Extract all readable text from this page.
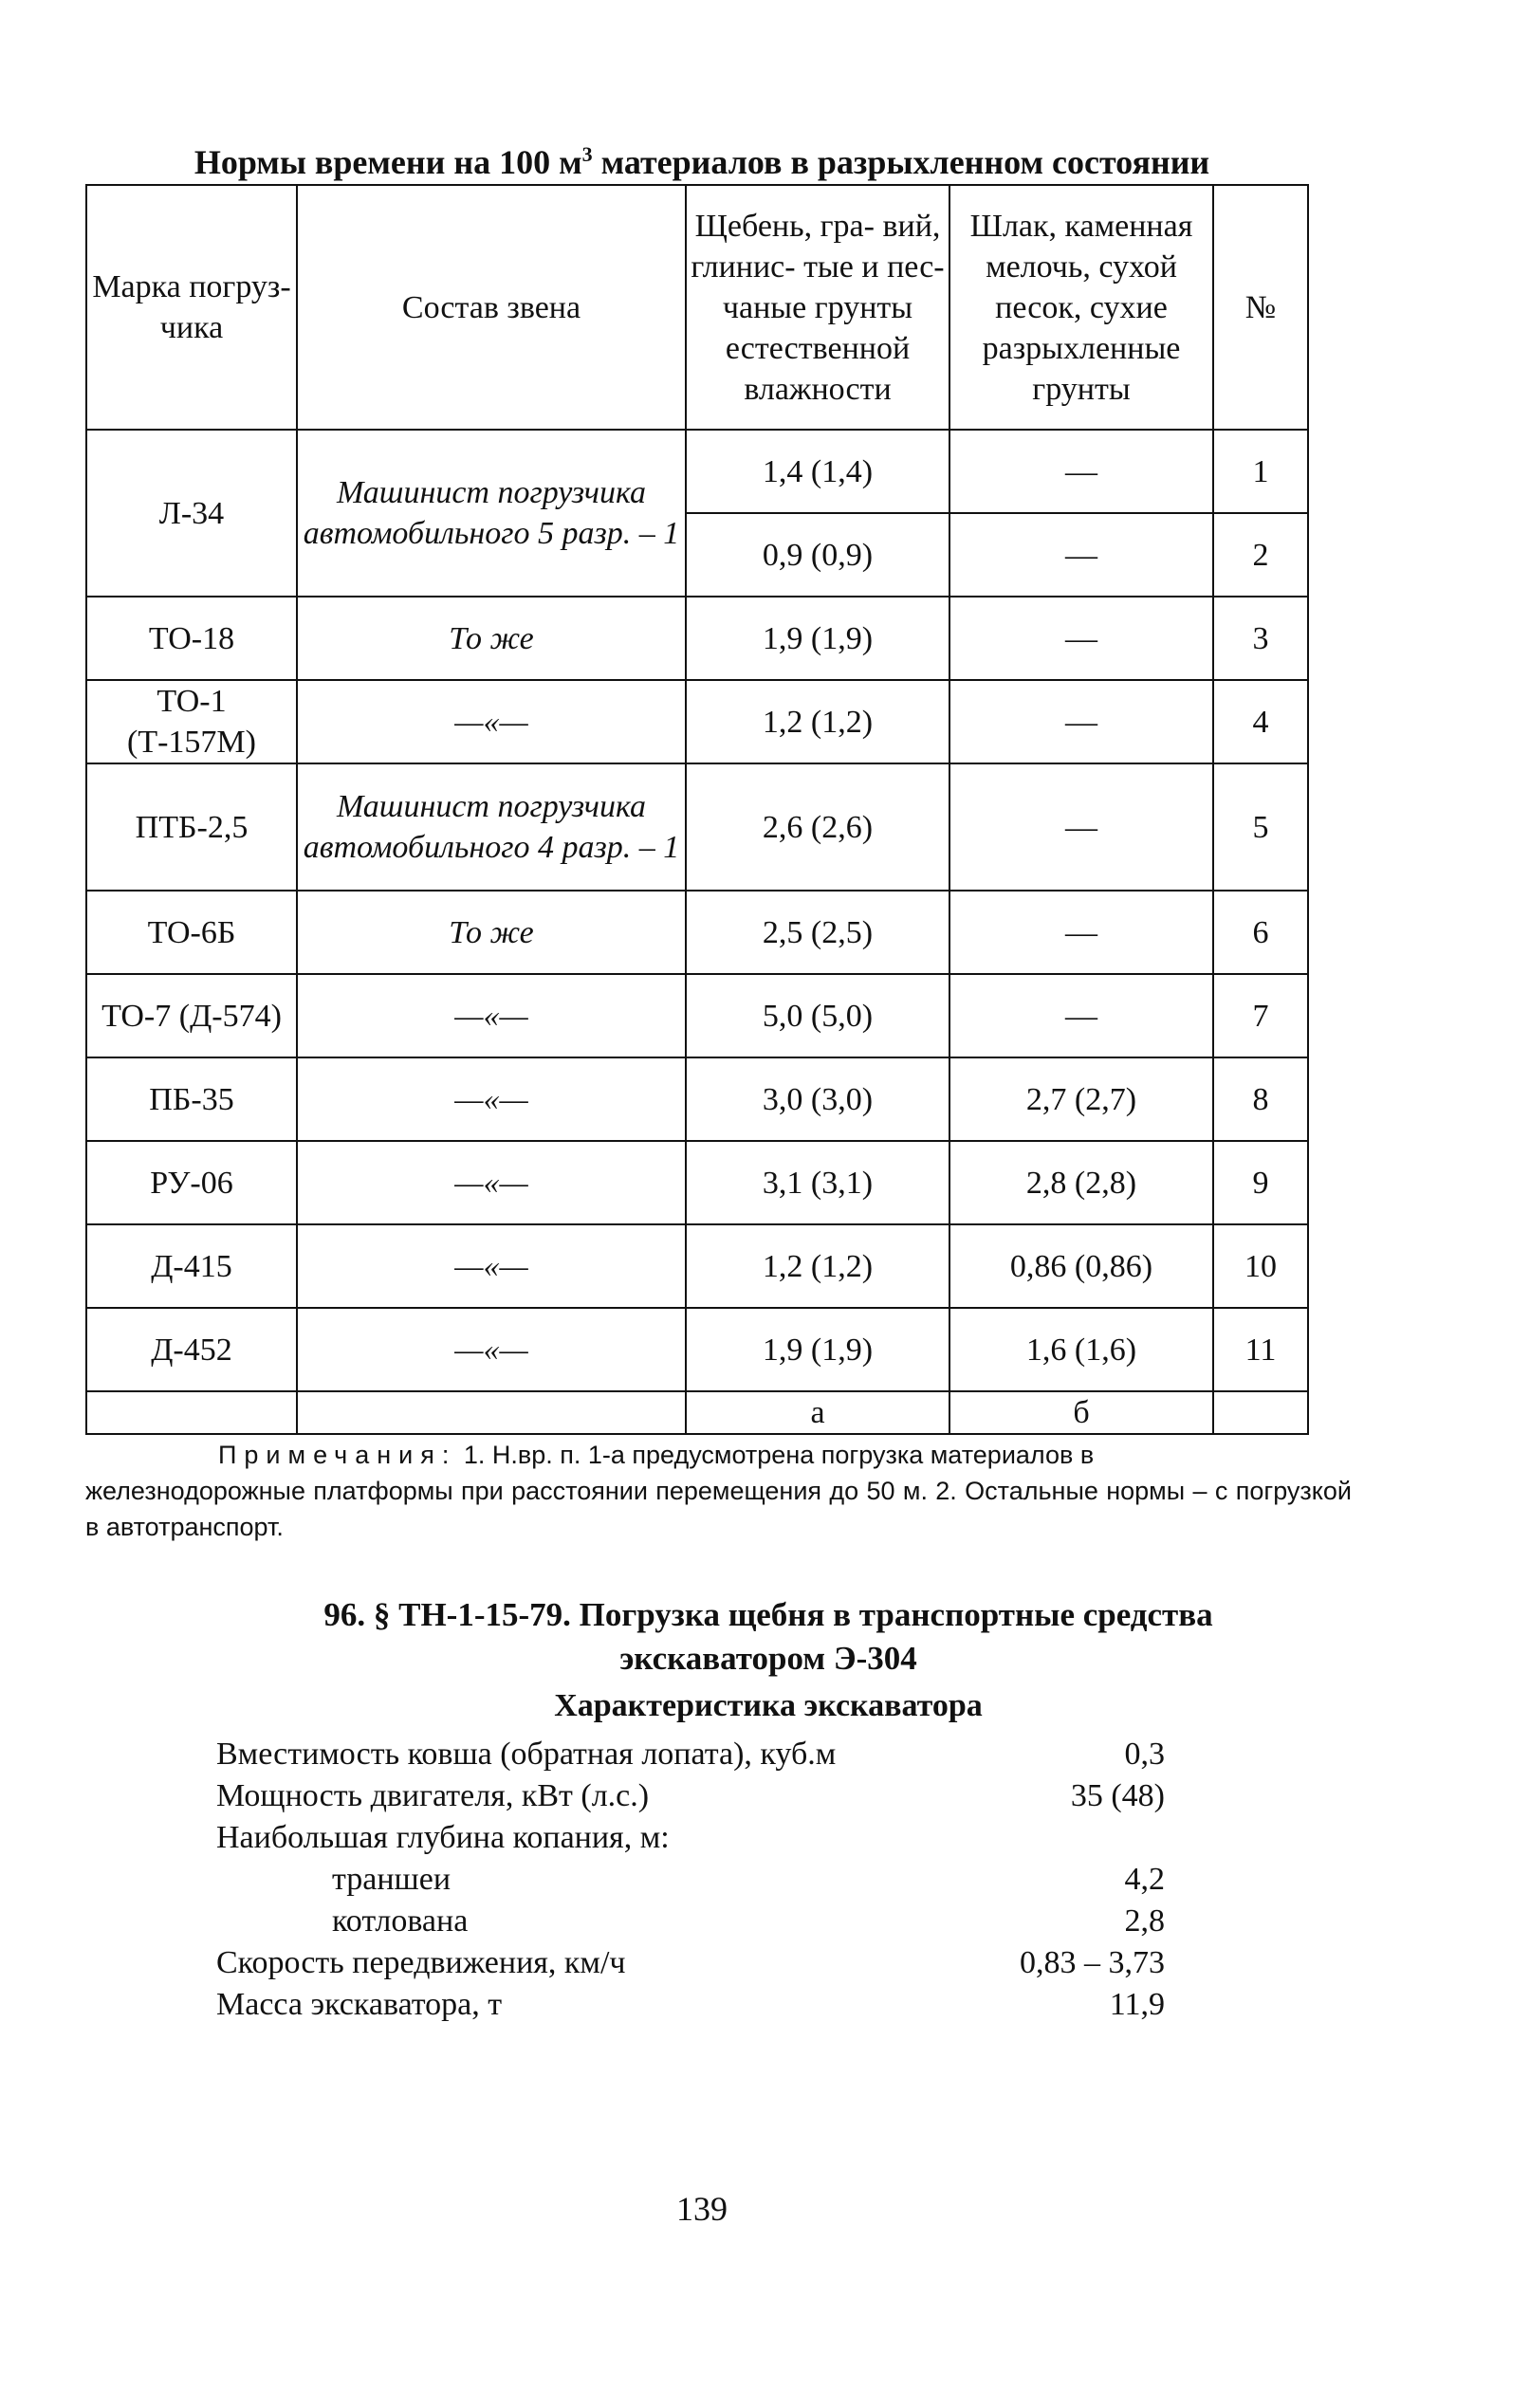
Нормы времени на 100 $м^3$ материалов в разрыхленном состоянии
Марка погруз- чика	Состав звена	Щебень, гра- вий, глинис- тые и пес- чаные грунты естественной влажности	Шлак, каменная мелочь, сухой песок, сухие разрыхленные грунты	№
Л-34	Машинист погрузчика автомобильного 5 разр. – 1	1,4 (1,4)	—	1
		0,9 (0,9)	—	2
ТО-18	То же	1,9 (1,9)	—	3
ТО-1 (Т-157М)	—«—	1,2 (1,2)	—	4
ПТБ-2,5	Машинист погрузчика автомобильного 4 разр. – 1	2,6 (2,6)	—	5
ТО-6Б	То же	2,5 (2,5)	—	6
ТО-7 (Д-574)	—«—	5,0 (5,0)	—	7
ПБ-35	—«—	3,0 (3,0)	2,7 (2,7)	8
РУ-06	—«—	3,1 (3,1)	2,8 (2,8)	9
Д-415	—«—	1,2 (1,2)	0,86 (0,86)	10
Д-452	—«—	1,9 (1,9)	1,6 (1,6)	11
		а	б	
Примечания: 1. Н.вр. п. 1-а предусмотрена погрузка материалов в
железнодорожные платформы при расстоянии перемещения до 50 м. 2. Остальные нормы – с погрузкой в автотранспорт.
96. § ТН-1-15-79. Погрузка щебня в транспортные средства
экскаватором Э-304
Характеристика экскаватора
Вместимость ковша (обратная лопата), куб.м	0,3
Мощность двигателя, кВт (л.с.)	35 (48)
Наибольшая глубина копания, м:
траншеи	4,2
котлована	2,8
Скорость передвижения, км/ч	0,83 – 3,73
Масса экскаватора, т	11,9
139
